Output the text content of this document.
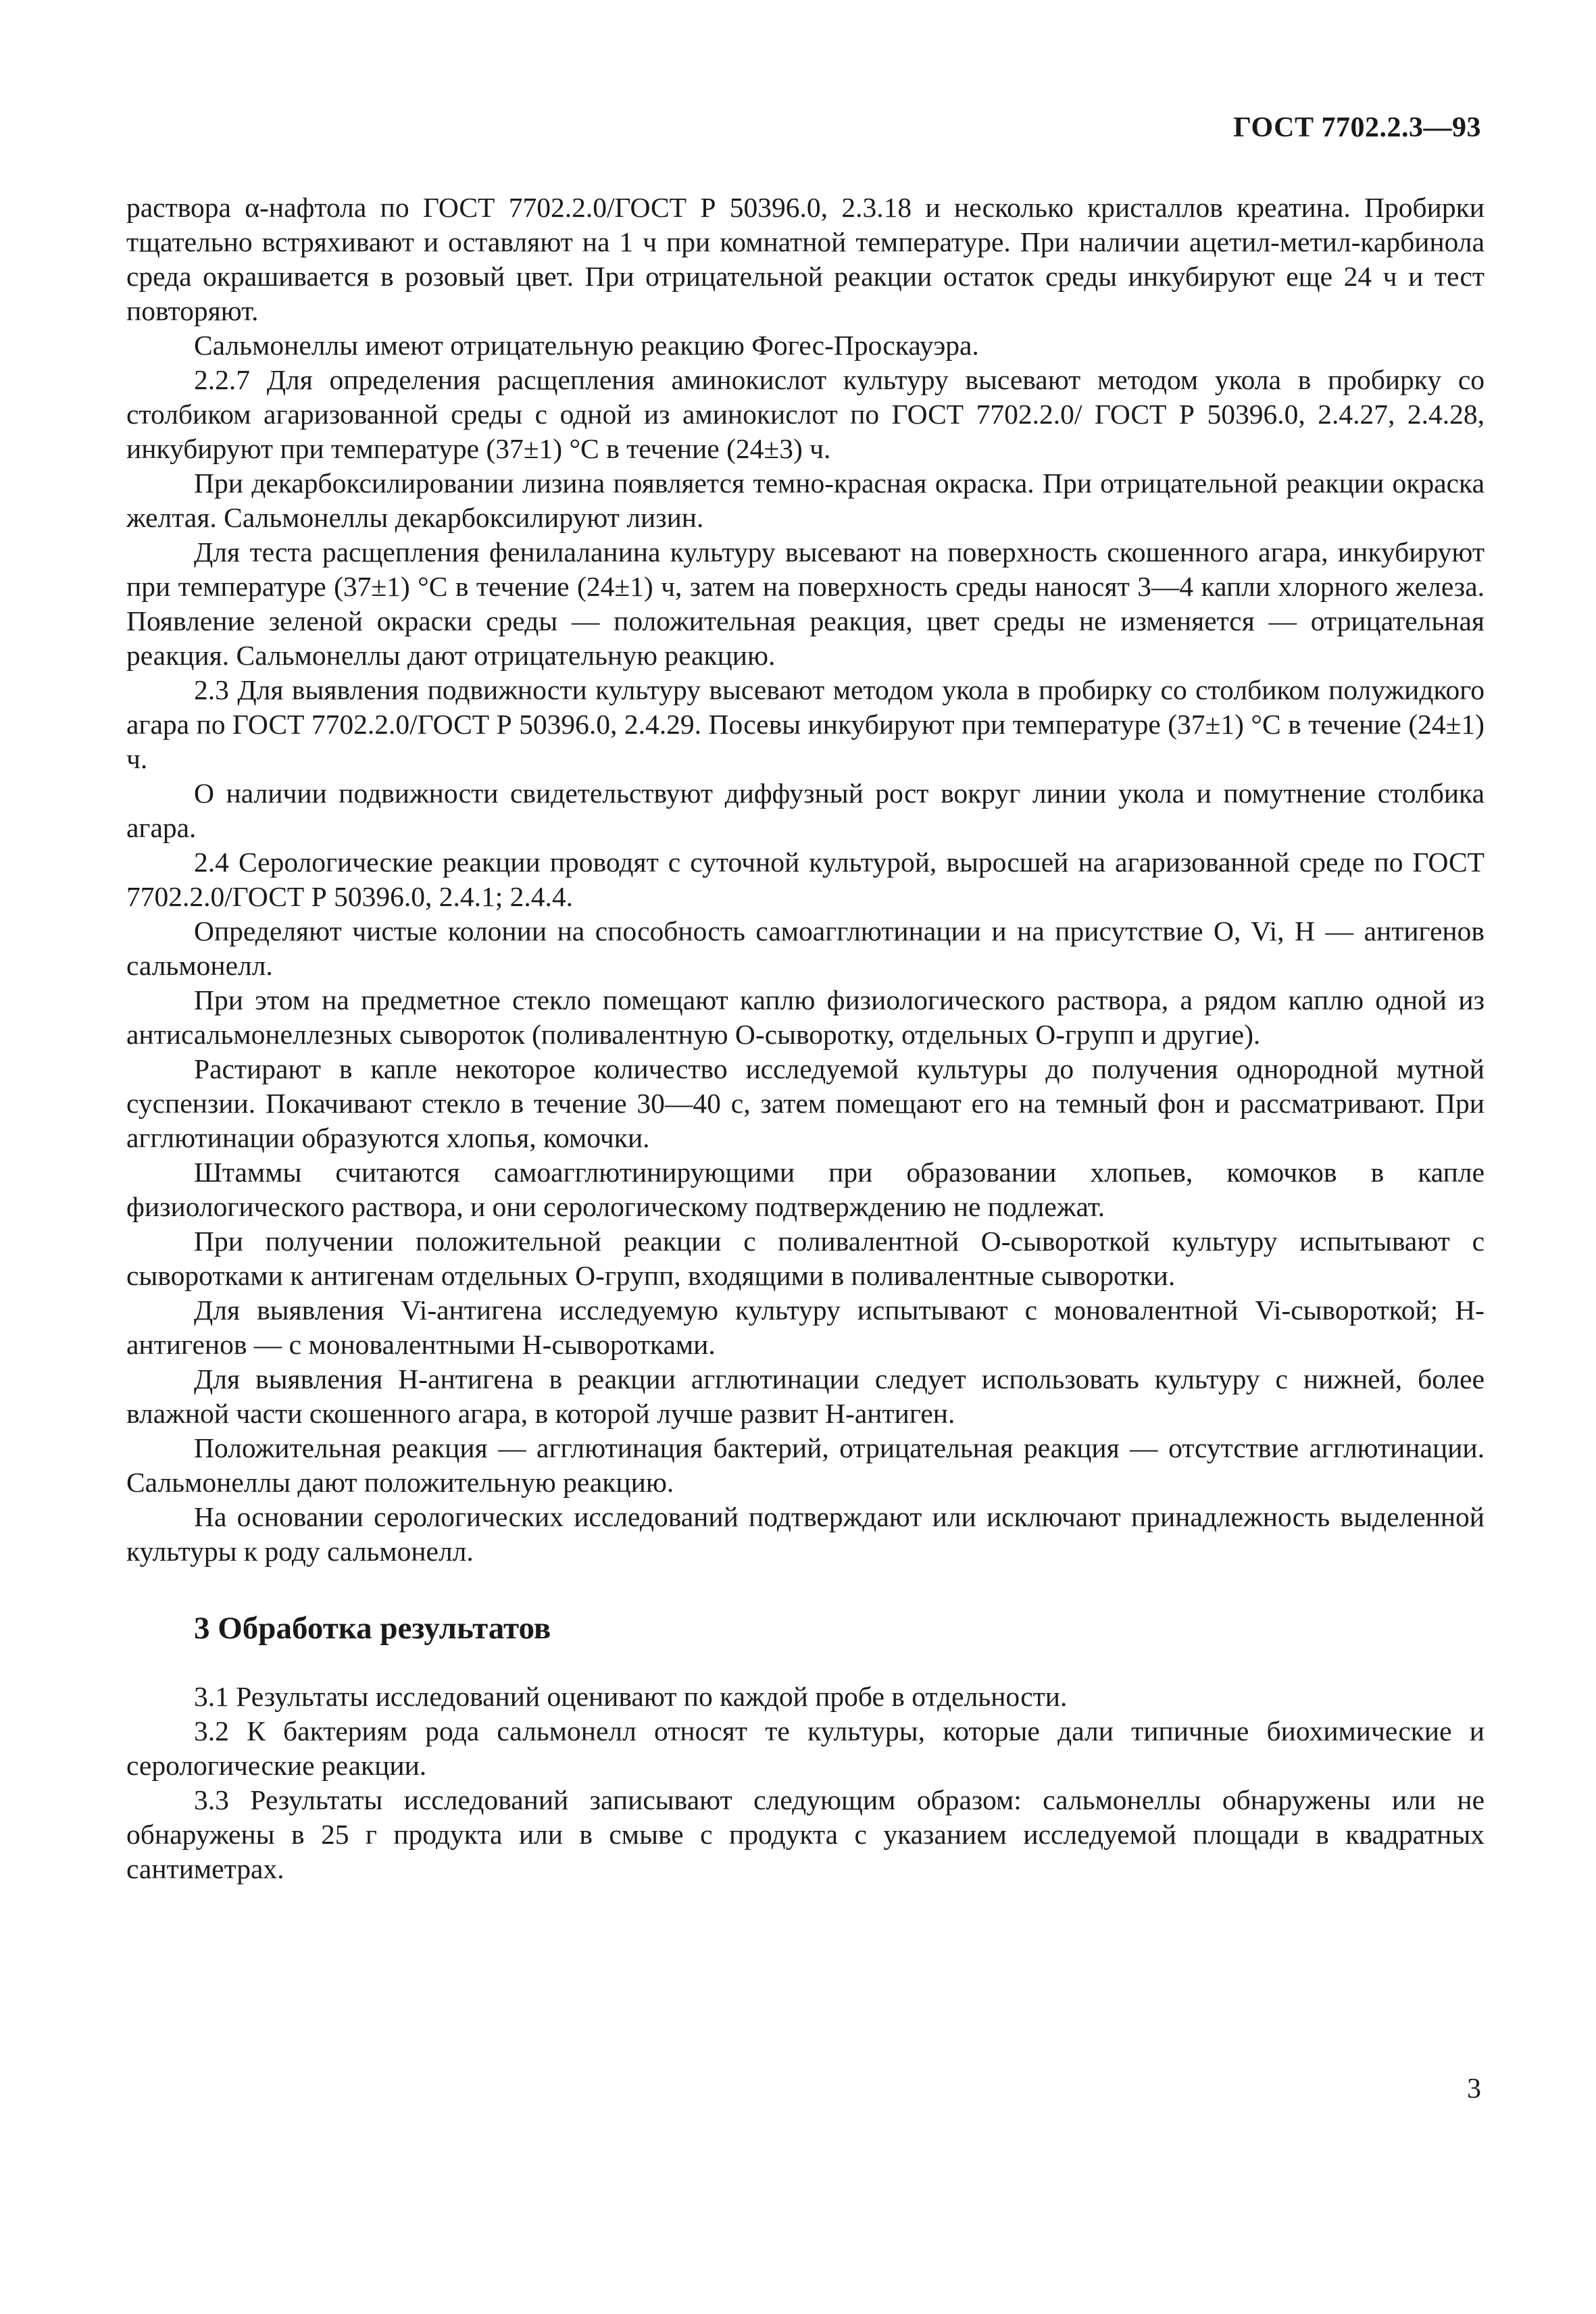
ГОСТ 7702.2.3—93

раствора α-нафтола по ГОСТ 7702.2.0/ГОСТ Р 50396.0, 2.3.18 и несколько кристаллов креатина. Пробирки тщательно встряхивают и оставляют на 1 ч при комнатной температуре. При наличии ацетил-метил-карбинола среда окрашивается в розовый цвет. При отрицательной реакции остаток среды инкубируют еще 24 ч и тест повторяют.

Сальмонеллы имеют отрицательную реакцию Фогес-Проскауэра.

2.2.7 Для определения расщепления аминокислот культуру высевают методом укола в пробирку со столбиком агаризованной среды с одной из аминокислот по ГОСТ 7702.2.0/ ГОСТ Р 50396.0, 2.4.27, 2.4.28, инкубируют при температуре (37±1) °С в течение (24±3) ч.

При декарбоксилировании лизина появляется темно-красная окраска. При отрицательной реакции окраска желтая. Сальмонеллы декарбоксилируют лизин.

Для теста расщепления фенилаланина культуру высевают на поверхность скошенного агара, инкубируют при температуре (37±1) °С в течение (24±1) ч, затем на поверхность среды наносят 3—4 капли хлорного железа. Появление зеленой окраски среды — положительная реакция, цвет среды не изменяется — отрицательная реакция. Сальмонеллы дают отрицательную реакцию.

2.3 Для выявления подвижности культуру высевают методом укола в пробирку со столбиком полужидкого агара по ГОСТ 7702.2.0/ГОСТ Р 50396.0, 2.4.29. Посевы инкубируют при температуре (37±1) °С в течение (24±1) ч.

О наличии подвижности свидетельствуют диффузный рост вокруг линии укола и помутнение столбика агара.

2.4 Серологические реакции проводят с суточной культурой, выросшей на агаризованной среде по ГОСТ 7702.2.0/ГОСТ Р 50396.0, 2.4.1; 2.4.4.

Определяют чистые колонии на способность самоагглютинации и на присутствие O, Vi, H — антигенов сальмонелл.

При этом на предметное стекло помещают каплю физиологического раствора, а рядом каплю одной из антисальмонеллезных сывороток (поливалентную О-сыворотку, отдельных О-групп и другие).

Растирают в капле некоторое количество исследуемой культуры до получения однородной мутной суспензии. Покачивают стекло в течение 30—40 с, затем помещают его на темный фон и рассматривают. При агглютинации образуются хлопья, комочки.

Штаммы считаются самоагглютинирующими при образовании хлопьев, комочков в капле физиологического раствора, и они серологическому подтверждению не подлежат.

При получении положительной реакции с поливалентной О-сывороткой культуру испытывают с сыворотками к антигенам отдельных О-групп, входящими в поливалентные сыворотки.

Для выявления Vi-антигена исследуемую культуру испытывают с моновалентной Vi-сывороткой; Н-антигенов — с моновалентными Н-сыворотками.

Для выявления Н-антигена в реакции агглютинации следует использовать культуру с нижней, более влажной части скошенного агара, в которой лучше развит Н-антиген.

Положительная реакция — агглютинация бактерий, отрицательная реакция — отсутствие агглютинации. Сальмонеллы дают положительную реакцию.

На основании серологических исследований подтверждают или исключают принадлежность выделенной культуры к роду сальмонелл.

3 Обработка результатов

3.1 Результаты исследований оценивают по каждой пробе в отдельности.

3.2 К бактериям рода сальмонелл относят те культуры, которые дали типичные биохимические и серологические реакции.

3.3 Результаты исследований записывают следующим образом: сальмонеллы обнаружены или не обнаружены в 25 г продукта или в смыве с продукта с указанием исследуемой площади в квадратных сантиметрах.

3
